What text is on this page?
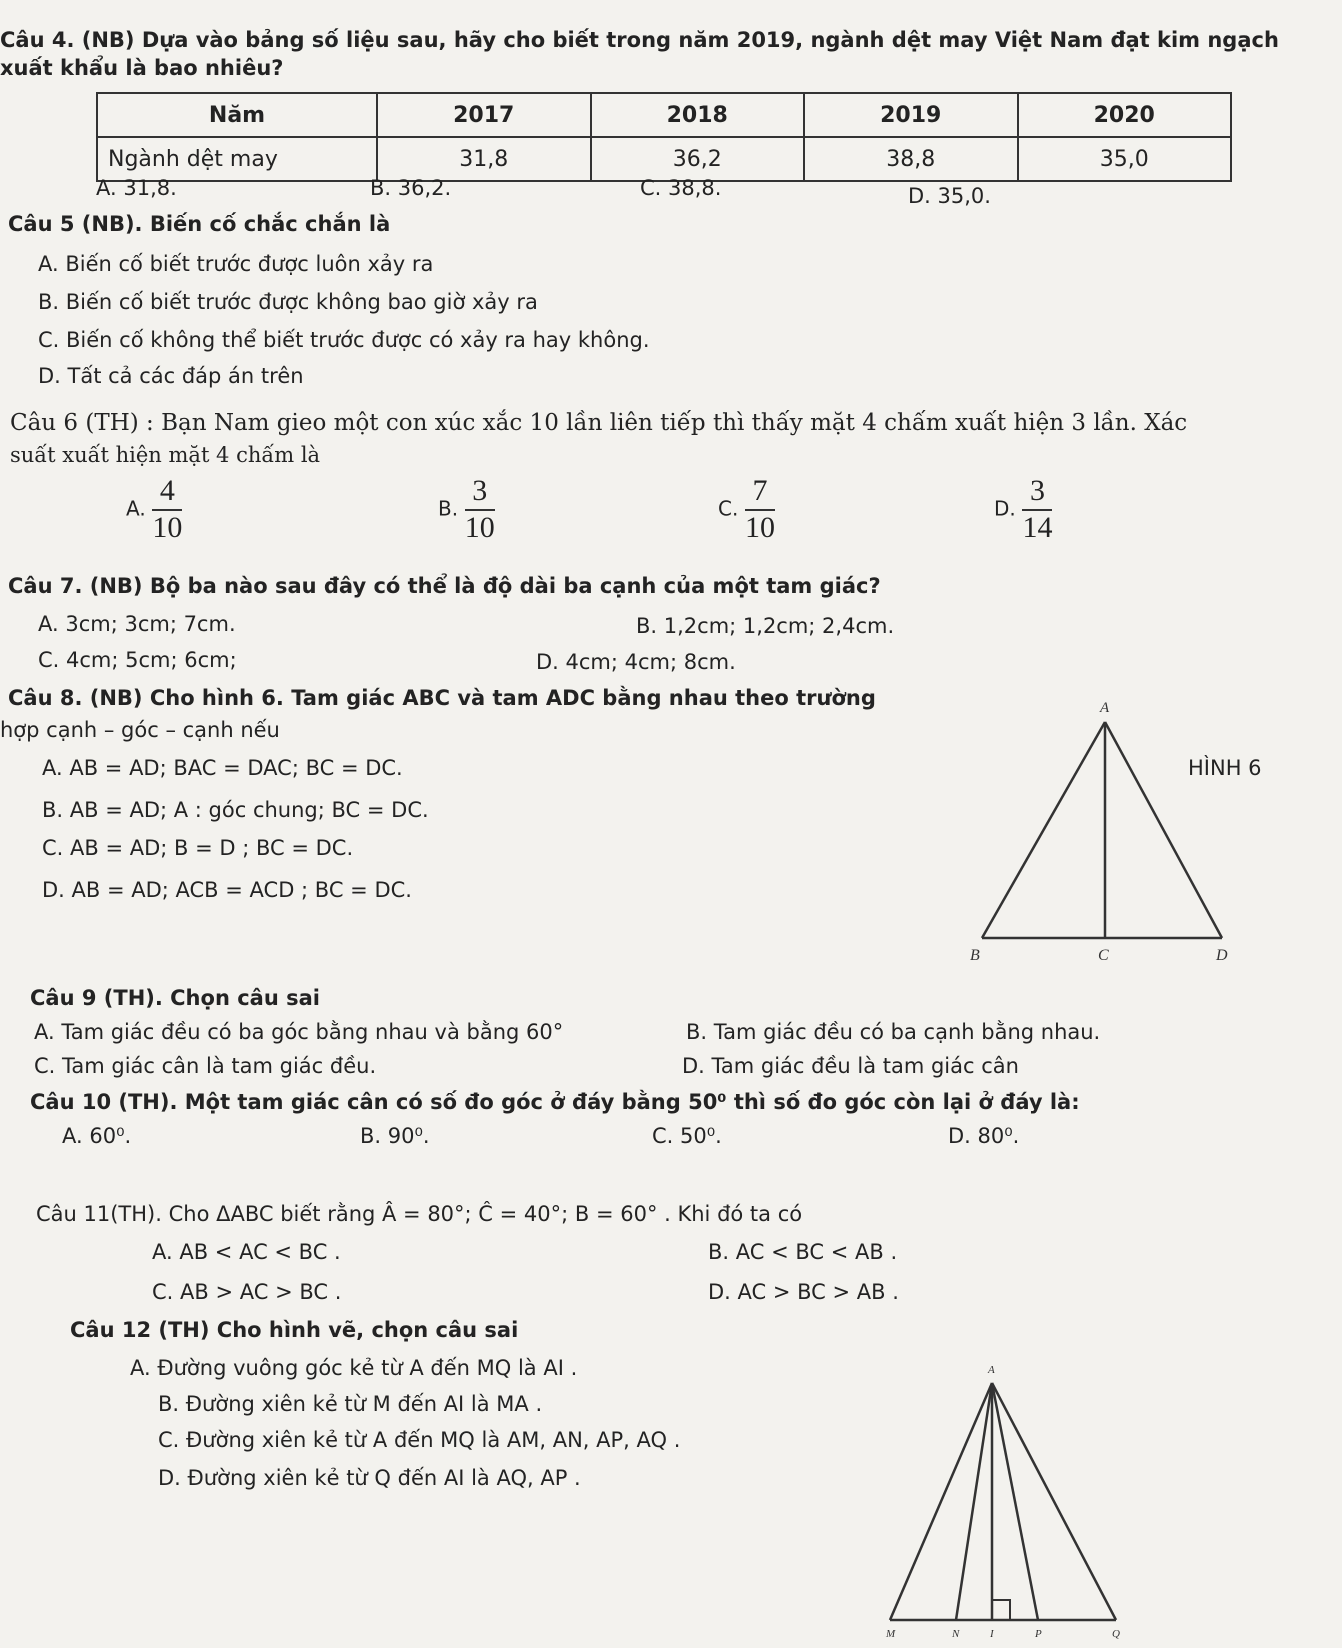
Câu 4. (NB) Dựa vào bảng số liệu sau, hãy cho biết trong năm 2019, ngành dệt may Việt Nam đạt kim ngạch
xuất khẩu là bao nhiêu?
Năm	2017	2018	2019	2020
Ngành dệt may	31,8	36,2	38,8	35,0
A. 31,8.	B. 36,2.	C. 38,8.	D. 35,0.
Câu 5 (NB). Biến cố chắc chắn là
A. Biến cố biết trước được luôn xảy ra
B. Biến cố biết trước được không bao giờ xảy ra
C. Biến cố không thể biết trước được có xảy ra hay không.
D. Tất cả các đáp án trên
Câu 6 (TH) : Bạn Nam gieo một con xúc xắc 10 lần liên tiếp thì thấy mặt 4 chấm xuất hiện 3 lần. Xác
suất xuất hiện mặt 4 chấm là
A. $\frac{4}{10}$	B. $\frac{3}{10}$	C. $\frac{7}{10}$	D. $\frac{3}{14}$
Câu 7. (NB) Bộ ba nào sau đây có thể là độ dài ba cạnh của một tam giác?
A. 3cm; 3cm; 7cm.	B. 1,2cm; 1,2cm; 2,4cm.
C. 4cm; 5cm; 6cm;	D. 4cm; 4cm; 8cm.
Câu 8. (NB) Cho hình 6. Tam giác ABC và tam ADC bằng nhau theo trường
hợp cạnh – góc – cạnh nếu
A. AB = AD; BAC = DAC; BC = DC.
B. AB = AD; A : góc chung; BC = DC.
C. AB = AD; B = D ; BC = DC.
D. AB = AD; ACB = ACD ; BC = DC.
A
B	C	D
HÌNH 6
Câu 9 (TH). Chọn câu sai
A. Tam giác đều có ba góc bằng nhau và bằng 60°	B. Tam giác đều có ba cạnh bằng nhau.
C. Tam giác cân là tam giác đều.	D. Tam giác đều là tam giác cân
Câu 10 (TH). Một tam giác cân có số đo góc ở đáy bằng 50⁰ thì số đo góc còn lại ở đáy là:
A. 60⁰.	B. 90⁰.	C. 50⁰.	D. 80⁰.
Câu 11(TH). Cho ΔABC biết rằng Â = 80°; Ĉ = 40°; B = 60° . Khi đó ta có
A. AB < AC < BC .	B. AC < BC < AB .
C. AB > AC > BC .	D. AC > BC > AB .
Câu 12 (TH) Cho hình vẽ, chọn câu sai
A. Đường vuông góc kẻ từ A đến MQ là AI .
B. Đường xiên kẻ từ M đến AI là MA .
C. Đường xiên kẻ từ A đến MQ là AM, AN, AP, AQ .
D. Đường xiên kẻ từ Q đến AI là AQ, AP .
A
M	N	I	P	Q
